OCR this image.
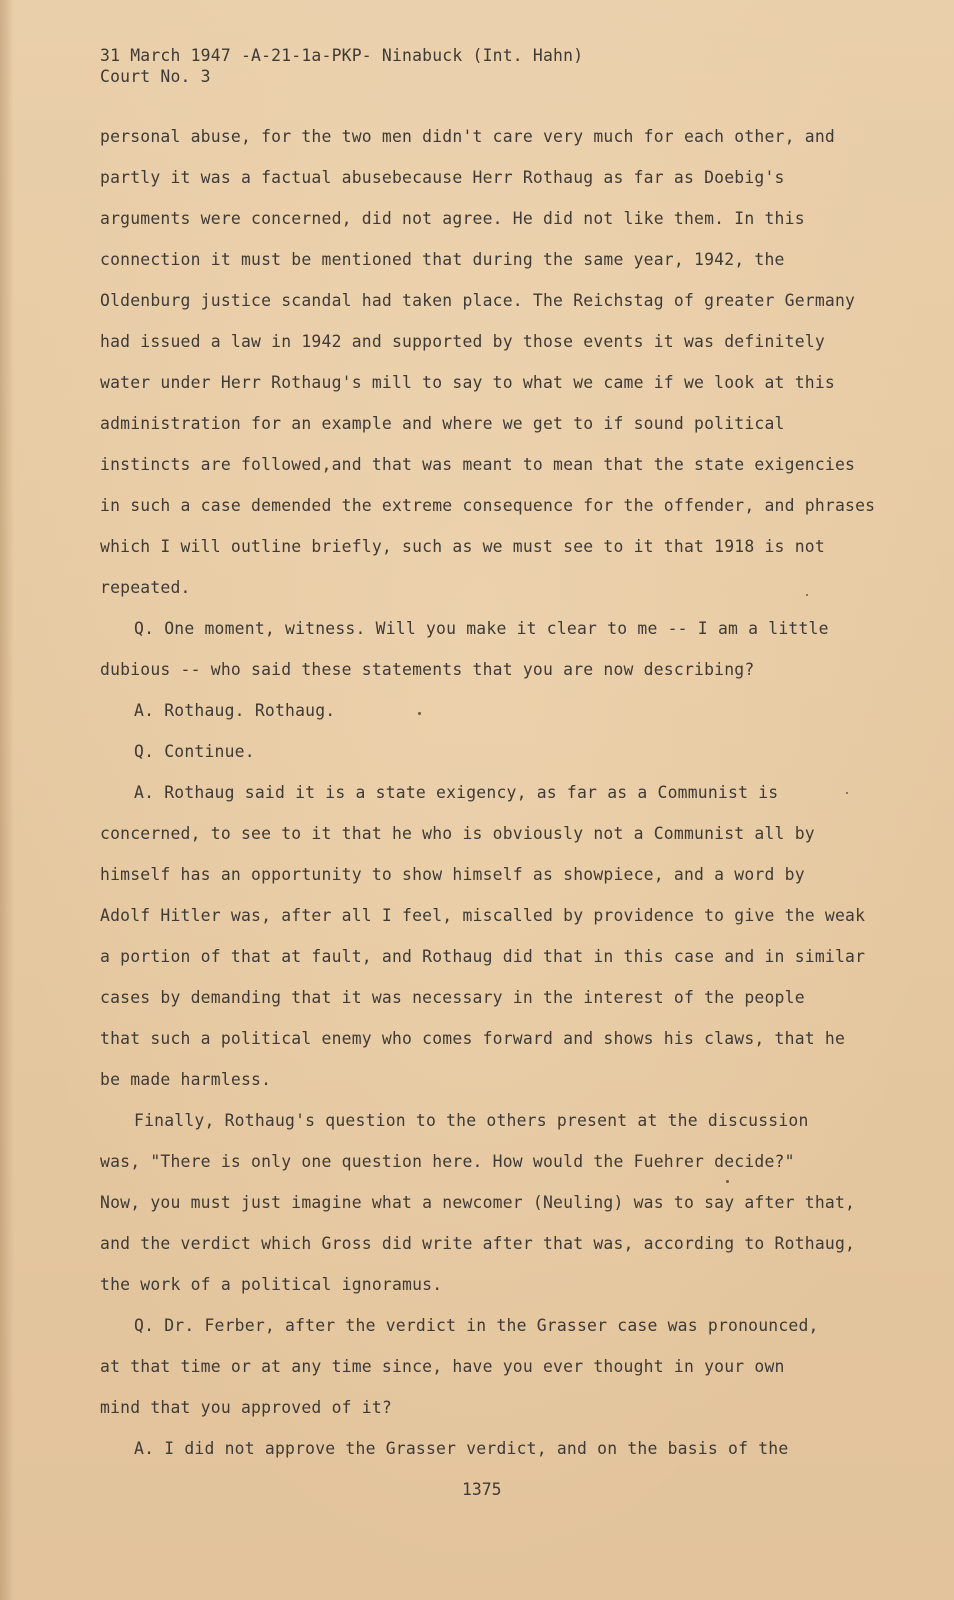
31 March 1947 -A-21-1a-PKP- Ninabuck (Int. Hahn)
Court No. 3
personal abuse, for the two men didn't care very much for each other, and
partly it was a factual abusebecause Herr Rothaug as far as Doebig's
arguments were concerned, did not agree. He did not like them. In this
connection it must be mentioned that during the same year, 1942, the
Oldenburg justice scandal had taken place. The Reichstag of greater Germany
had issued a law in 1942 and supported by those events it was definitely
water under Herr Rothaug's mill to say to what we came if we look at this
administration for an example and where we get to if sound political
instincts are followed,and that was meant to mean that the state exigencies
in such a case demended the extreme consequence for the offender, and phrases
which I will outline briefly, such as we must see to it that 1918 is not
repeated.
Q. One moment, witness. Will you make it clear to me -- I am a little
dubious -- who said these statements that you are now describing?
A. Rothaug. Rothaug.
Q. Continue.
A. Rothaug said it is a state exigency, as far as a Communist is
concerned, to see to it that he who is obviously not a Communist all by
himself has an opportunity to show himself as showpiece, and a word by
Adolf Hitler was, after all I feel, miscalled by providence to give the weak
a portion of that at fault, and Rothaug did that in this case and in similar
cases by demanding that it was necessary in the interest of the people
that such a political enemy who comes forward and shows his claws, that he
be made harmless.
Finally, Rothaug's question to the others present at the discussion
was, "There is only one question here. How would the Fuehrer decide?"
Now, you must just imagine what a newcomer (Neuling) was to say after that,
and the verdict which Gross did write after that was, according to Rothaug,
the work of a political ignoramus.
Q. Dr. Ferber, after the verdict in the Grasser case was pronounced,
at that time or at any time since, have you ever thought in your own
mind that you approved of it?
A. I did not approve the Grasser verdict, and on the basis of the
1375
